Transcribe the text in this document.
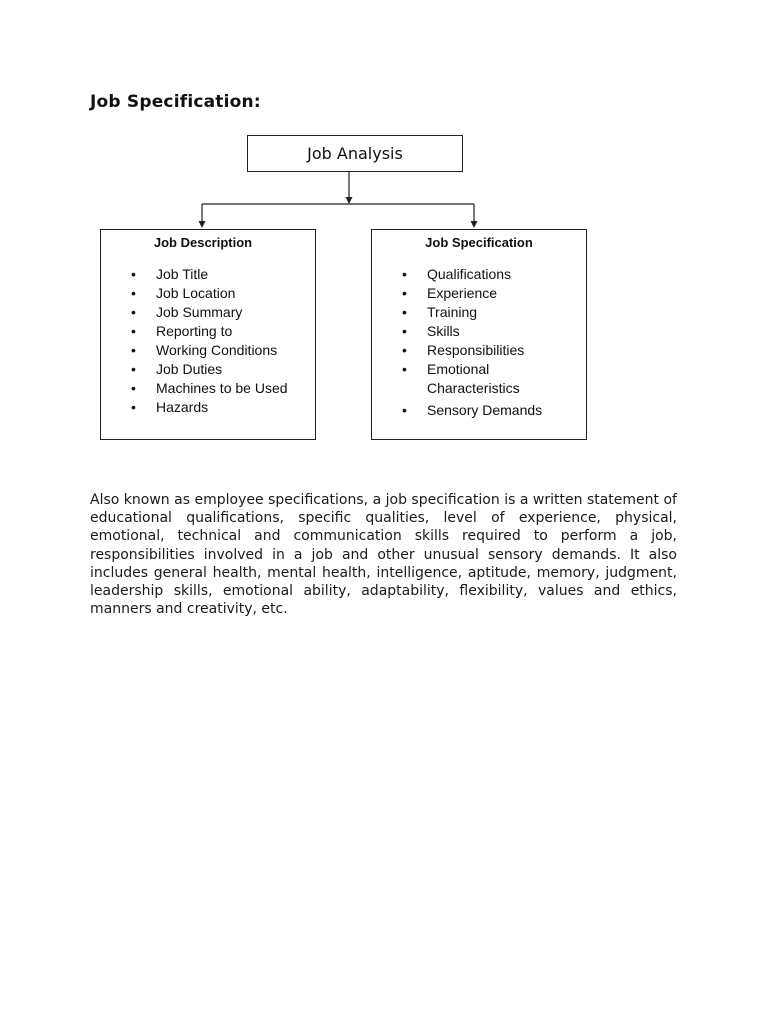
Job Specification:
Job Analysis
Job Description
• Job Title
• Job Location
• Job Summary
• Reporting to
• Working Conditions
• Job Duties
• Machines to be Used
• Hazards
Job Specification
• Qualifications
• Experience
• Training
• Skills
• Responsibilities
• Emotional Characteristics
• Sensory Demands

Also known as employee specifications, a job specification is a written statement of educational qualifications, specific qualities, level of experience, physical, emotional, technical and communication skills required to perform a job, responsibilities involved in a job and other unusual sensory demands. It also includes general health, mental health, intelligence, aptitude, memory, judgment, leadership skills, emotional ability, adaptability, flexibility, values and ethics, manners and creativity, etc.
